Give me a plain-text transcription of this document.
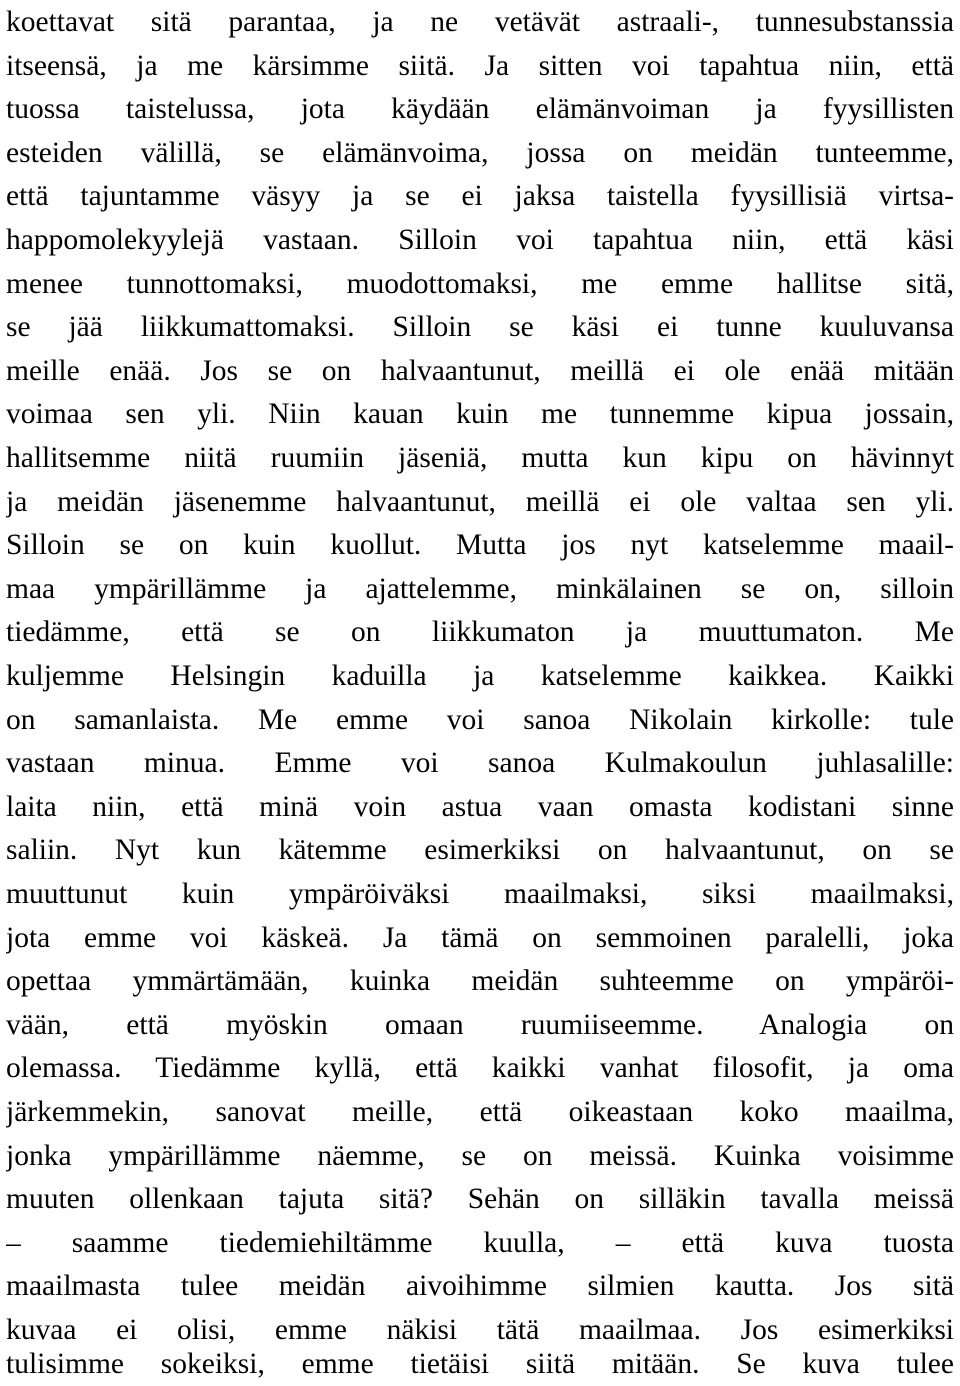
koettavat sitä parantaa, ja ne vetävät astraali-, tunnesubstanssia
itseensä, ja me kärsimme siitä. Ja sitten voi tapahtua niin, että
tuossa taistelussa, jota käydään elämänvoiman ja fyysillisten
esteiden välillä, se elämänvoima, jossa on meidän tunteemme,
että tajuntamme väsyy ja se ei jaksa taistella fyysillisiä virtsa-
happomolekyylejä vastaan. Silloin voi tapahtua niin, että käsi
menee tunnottomaksi, muodottomaksi, me emme hallitse sitä,
se jää liikkumattomaksi. Silloin se käsi ei tunne kuuluvansa
meille enää. Jos se on halvaantunut, meillä ei ole enää mitään
voimaa sen yli. Niin kauan kuin me tunnemme kipua jossain,
hallitsemme niitä ruumiin jäseniä, mutta kun kipu on hävinnyt
ja meidän jäsenemme halvaantunut, meillä ei ole valtaa sen yli.
Silloin se on kuin kuollut. Mutta jos nyt katselemme maail-
maa ympärillämme ja ajattelemme, minkälainen se on, silloin
tiedämme, että se on liikkumaton ja muuttumaton. Me
kuljemme Helsingin kaduilla ja katselemme kaikkea. Kaikki
on samanlaista. Me emme voi sanoa Nikolain kirkolle: tule
vastaan minua. Emme voi sanoa Kulmakoulun juhlasalille:
laita niin, että minä voin astua vaan omasta kodistani sinne
saliin. Nyt kun kätemme esimerkiksi on halvaantunut, on se
muuttunut kuin ympäröiväksi maailmaksi, siksi maailmaksi,
jota emme voi käskeä. Ja tämä on semmoinen paralelli, joka
opettaa ymmärtämään, kuinka meidän suhteemme on ympäröi-
vään, että myöskin omaan ruumiiseemme. Analogia on
olemassa. Tiedämme kyllä, että kaikki vanhat filosofit, ja oma
järkemmekin, sanovat meille, että oikeastaan koko maailma,
jonka ympärillämme näemme, se on meissä. Kuinka voisimme
muuten ollenkaan tajuta sitä? Sehän on silläkin tavalla meissä
– saamme tiedemiehiltämme kuulla, – että kuva tuosta
maailmasta tulee meidän aivoihimme silmien kautta. Jos sitä
kuvaa ei olisi, emme näkisi tätä maailmaa. Jos esimerkiksi
tulisimme sokeiksi, emme tietäisi siitä mitään. Se kuva tulee
